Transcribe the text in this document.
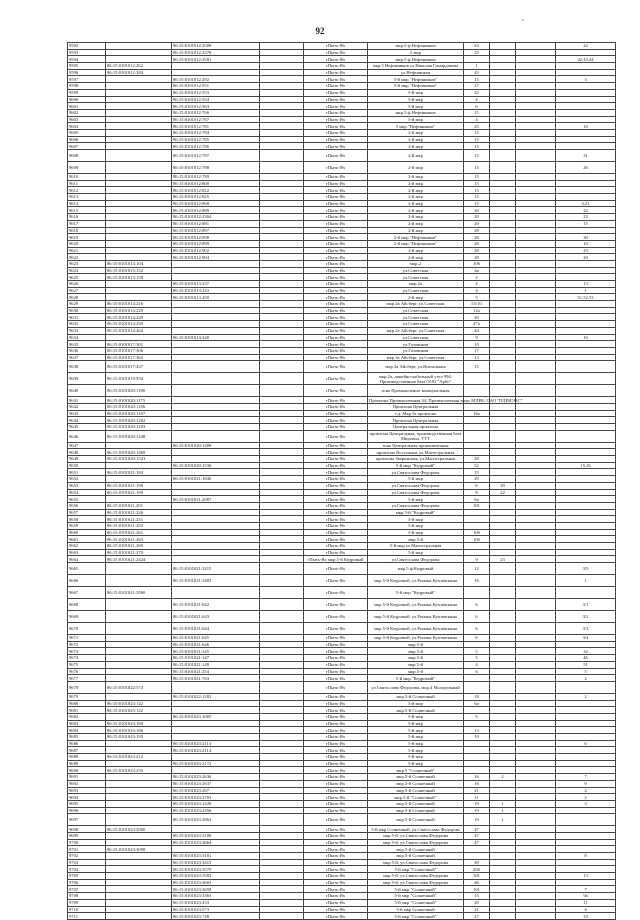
92
,
9592		86:15:0101012:2508		гПыть-Ях	мкр.5 ф.Нефтяников	24			22
9593		86:15:0101012:2578		гПыть-Ях	5 мкр	25			
9594		86:15:0101012:2581		гПыть-Ях	мкр.5 ф.Нефтяников				42,43,44
9595	86:15:0101012:262			гПыть-Ях	мкр.5 Нефтяников ул.Николая Самардакова	1			
9596	86:15:0101012:284			гПыть-Ях	ул.Нефтяников	43			
9597		86:15:0101012:292		гПыть-Ях	5-й мкр."Нефтяников"	15			3
9598		86:15:0101012:551		гПыть-Ях	5-й мкр."Нефтяников"	27			
9599		86:15:0101012:553		гПыть-Ях	5-й мкр	22			
9600		86:15:0101012:554		гПыть-Ях	5-й мкр	4			
9601		86:15:0101012:563		гПыть-Ях	5-й мкр	6			
9602		86:15:0101012:766		гПыть-Ях	мкр.5 ф.Нефтяников	15			
9603		86:15:0101012:767		гПыть-Ях	5-й мкр	4			
9604		86:15:0101012:781		гПыть-Ях	5 мкр."Нефтяников"	45			16
9605		86:15:0101012:784		гПыть-Ях	2-й мкр	15			
9606		86:15:0101012:785		гПыть-Ях	2-й мкр	15			
9607		86:15:0101012:786		гПыть-Ях	2-й мкр	15			
9608		86:15:0101012:787		гПыть-Ях	2-й мкр	15			31
9609		86:15:0101012:788		гПыть-Ях	2-й мкр	15			26
9610		86:15:0101012:789		гПыть-Ях	2-й мкр	15			
9611		86:15:0101012:800		гПыть-Ях	2-й мкр	15			
9612		86:15:0101012:822		гПыть-Ях	2-й мкр	15			
9613		86:15:0101012:825		гПыть-Ях	2-й мкр	15			
9614		86:15:0101012:868		гПыть-Ях	2-й мкр	15			4,21
9615		86:15:0101012:889		гПыть-Ях	2-й мкр	20			22
9616		86:15:0101012:2304		гПыть-Ях	2-й мкр	20			23
9617		86:15:0101012:881		гПыть-Ях	2-й мкр	20			15
9618		86:15:0101012:897		гПыть-Ях	2-й мкр	28			
9619		86:15:0101012:898		гПыть-Ях	2-й мкр."Нефтяников"	28			30
9620		86:15:0101012:899		гПыть-Ях	2-й мкр."Нефтяников"	28			10
9621		86:15:0101012:902		гПыть-Ях	2-й мкр	28			23
9622		86:15:0101012:904		гПыть-Ях	2-й мкр	28			20
9623	86:15:0101013:104			гПыть-Ях	мкр.2	10б			
9624	86:15:0101013:152			гПыть-Ях	ул.Советская	4а			
9625	86:15:0101013:158			гПыть-Ях	ул.Советская	2			
9626		86:15:0101013:237		гПыть-Ях	мкр.2а	4			13
9627		86:15:0101013:243		гПыть-Ях	ул.Советская	4			1
9628		86:15:0101013:250		гПыть-Ях	2-й мкр	5			51,52,53
9629	86:15:0101014:216			гПыть-Ях	мкр.2а Айсберг, ул.Советская	55/10			
9630	86:15:0101014:229			гПыть-Ях	ул.Советская	12а			
9631	86:15:0101014:249			гПыть-Ях	ул.Советская	40			
9632	86:15:0101014:250			гПыть-Ях	ул.Советская	47а			
9633	86:15:0101014:264			гПыть-Ях	мкр.2а Айсберг, ул.Советская	44			
9634		86:15:0101014:348		гПыть-Ях	ул.Советская	9			16
9635	86:15:0101017:301			гПыть-Ях	ул.Газовиков	10			
9636	86:15:0101017:306			гПыть-Ях	ул.Газовиков	17			
9637	86:15:0101017:362			гПыть-Ях	мкр.3а Айсберг, ул.Советская	13			
9638	86:15:0101017:437			гПыть-Ях	мкр.3а Айсберг, ул.Вокзальная	15			
9639	86:15:0101019:934			гПыть-Ях	мкр.2а, линейно-кабельный узел 994; Производственная база ООО "Арбо"				
9640	86:15:0101020:1180			гПыть-Ях	зона Промышленно-коммунальная				
9641	86:15:0101020:1175			гПыть-Ях	Промзона Промышленная 34; Промышленная зона; МЛРК; ОАО "ПЛЕНЭКС"				
9642	86:15:0101020:1186			гПыть-Ях	Промзона Центральная				
9643	86:15:0101020:1187			гПыть-Ях	т.д. Мкр.5а промзона	16а			
9644	86:15:0101020:1202			гПыть-Ях	Промзона Центральная				
9645	86:15:0101020:1203			гПыть-Ях	Центральная промзона				
9646	86:15:0101020:1248			гПыть-Ях	промзона Центральная, производственная база Мирокон, УТТ				
9647		86:15:0101020:1408		гПыть-Ях	зона Центральная промышленная				
9648	86:15:0101020:1469			гПыть-Ях	промзона Восточная, ул.Магистральная				
9649	86:15:0101020:1523			гПыть-Ях	промзона Зверинская, ул.Магистральная	28			
9650		86:15:0101020:1536		гПыть-Ях	5-й мкр."Кедровый"	52			15,16
9651	86:15:0101021:184			гПыть-Ях	ул.Святослава Федорова	15			
9652		86:15:0101021:1840		гПыть-Ях	5-й мкр	29			
9653	86:15:0101021:196			гПыть-Ях	ул.Святослава Федорова	6	29		
9654	86:15:0101021:199			гПыть-Ях	ул.Святослава Федорова	8	22		
9655		86:15:0101021:2087		гПыть-Ях	5-й мкр	6а			
9656	86:15:0101021:201			гПыть-Ях	ул.Святослава Федорова	101			
9657	86:15:0101021:226			гПыть-Ях	мкр.5-й "Кедровый"				
9658	86:15:0101021:251			гПыть-Ях	5-й мкр				
9659	86:15:0101021:255			гПыть-Ях	5-й мкр				
9660	86:15:0101021:261			гПыть-Ях	5-й мкр	10б			
9661	86:15:0101021:263			гПыть-Ях	мкр.5-й	10б			
9662	86:15:0101021:269			гПыть-Ях	5-й мкр ул.Магистральная				
9663	86:15:0101021:270			гПыть-Ях	5-й мкр				
9664	86:15:0101021:2424			гПыть-Ях мкр.5-й Кедровый	ул.Святослава Федорова	9	23		
9665		86:15:0101021:3215		гПыть-Ях	мкр.5 ф.Кедровый	12			3/5
9666		86:15:0101021:3483		гПыть-Ях	мкр.5-й Кедровый, ул.Романа Кузоваткина	16			1
9667	86:15:0101021:3560			гПыть-Ях	5-й мкр."Кедровый"				
9668		86:15:0101021:642		гПыть-Ях	мкр.5-й Кедровый, ул.Романа Кузоваткина	6			3/1
9669		86:15:0101021:643		гПыть-Ях	мкр.5-й Кедровый, ул.Романа Кузоваткина	6			3/2
9670		86:15:0101021:644		гПыть-Ях	мкр.5-й Кедровый, ул.Романа Кузоваткина	6			3/3
9671		86:15:0101021:645		гПыть-Ях	мкр.5-й Кедровый, ул.Романа Кузоваткина	6			3/4
9672		86:15:0101021:646		гПыть-Ях	мкр.5-й				
9673		86:15:0101021:145		гПыть-Ях	мкр.5-й	5			32
9674		86:15:0101021:147		гПыть-Ях	мкр.5-й	5			46
9675		86:15:0101021:148		гПыть-Ях	мкр.5-й	4			51
9676		86:15:0101021:254		гПыть-Ях	мкр.5-й	6			5
9677		86:15:0101021:763		гПыть-Ях	5-й мкр."Кедровый"				2
9678	86:15:0101022:574			гПыть-Ях	ул.Святослава Федорова, мкр.4 Молодежный				
9679		86:15:0101022:1283		гПыть-Ях	мкр.5-й Солнечный	18			2
9680	86:15:0101023:142			гПыть-Ях	5-й мкр	6а			
9681	86:15:0101023:142			гПыть-Ях	мкр.5-й Солнечный				
9682		86:15:0101023:1005		гПыть-Ях	5-й мкр	5			
9683	86:15:0101023:180			гПыть-Ях	5-й мкр				
9684	86:15:0101023:186			гПыть-Ях	5-й мкр	13			
9685	86:15:0101023:195			гПыть-Ях	5-й мкр	19			
9686		86:15:0101023:2113		гПыть-Ях	5-й мкр				6
9687		86:15:0101023:2114		гПыть-Ях	5-й мкр				
9688	86:15:0101023:212			гПыть-Ях	5-й мкр				
9689		86:15:0101023:2172		гПыть-Ях	5-й мкр				
9690	86:15:0101023:235			гПыть-Ях	мкр.5 "Солнечный"				
9691		86:15:0101023:2636		гПыть-Ях	мкр.5-й Солнечный	16	2		7
9692		86:15:0101023:2637		гПыть-Ях	мкр.5-й Солнечный	16			9
9693		86:15:0101023:267		гПыть-Ях	мкр.5-й Солнечный	21			2
9694		86:15:0101023:2703		гПыть-Ях	мкр.5-й "Солнечный"	11			2
9695		86:15:0101023:2426		гПыть-Ях	мкр.5-й Солнечный	19	1		3
9696		86:15:0101023:2456		гПыть-Ях	мкр.5-й Солнечный	19	1		
9697		86:15:0101023:2863		гПыть-Ях	мкр.5-й Солнечный	19	1		
9698	86:15:0101023:2900			гПыть-Ях	5-й мкр Солнечный, ул.Святослава Федорова	47			
9699		86:15:0101023:3106		гПыть-Ях	мкр.5-й, ул.Святослава Федорова	47			
9700		86:15:0101023:3064		гПыть-Ях	мкр.5-й, ул.Святослава Федорова	47			
9701	86:15:0101023:3098			гПыть-Ях	мкр.5-й Солнечный				
9702		86:15:0101023:3101		гПыть-Ях	мкр.5-й Солнечный				8
9703		86:15:0101023:3415		гПыть-Ях	мкр.5-й, ул.Святослава Федорова	49			
9704		86:15:0101023:3575		гПыть-Ях	5-й мкр "Солнечный"	20б			
9705		86:15:0101023:3582		гПыть-Ях	мкр.5-й, ул.Святослава Федорова	101			13
9706		86:15:0101023:3603		гПыть-Ях	мкр.5-й, ул.Святослава Федорова	46			
9707		86:15:0101023:3658		гПыть-Ях	5-й мкр "Солнечный"	101			7
9708		86:15:0101023:3363		гПыть-Ях	5-й мкр "Солнечный"	15			9а
9709		86:15:0101023:433		гПыть-Ях	5-й мкр "Солнечный"	20			11
9710		86:15:0101023:573		гПыть-Ях	5-й мкр Солнечный	21			4
9711		86:15:0101023:748		гПыть-Ях	5-й мкр "Солнечный"	27			33
